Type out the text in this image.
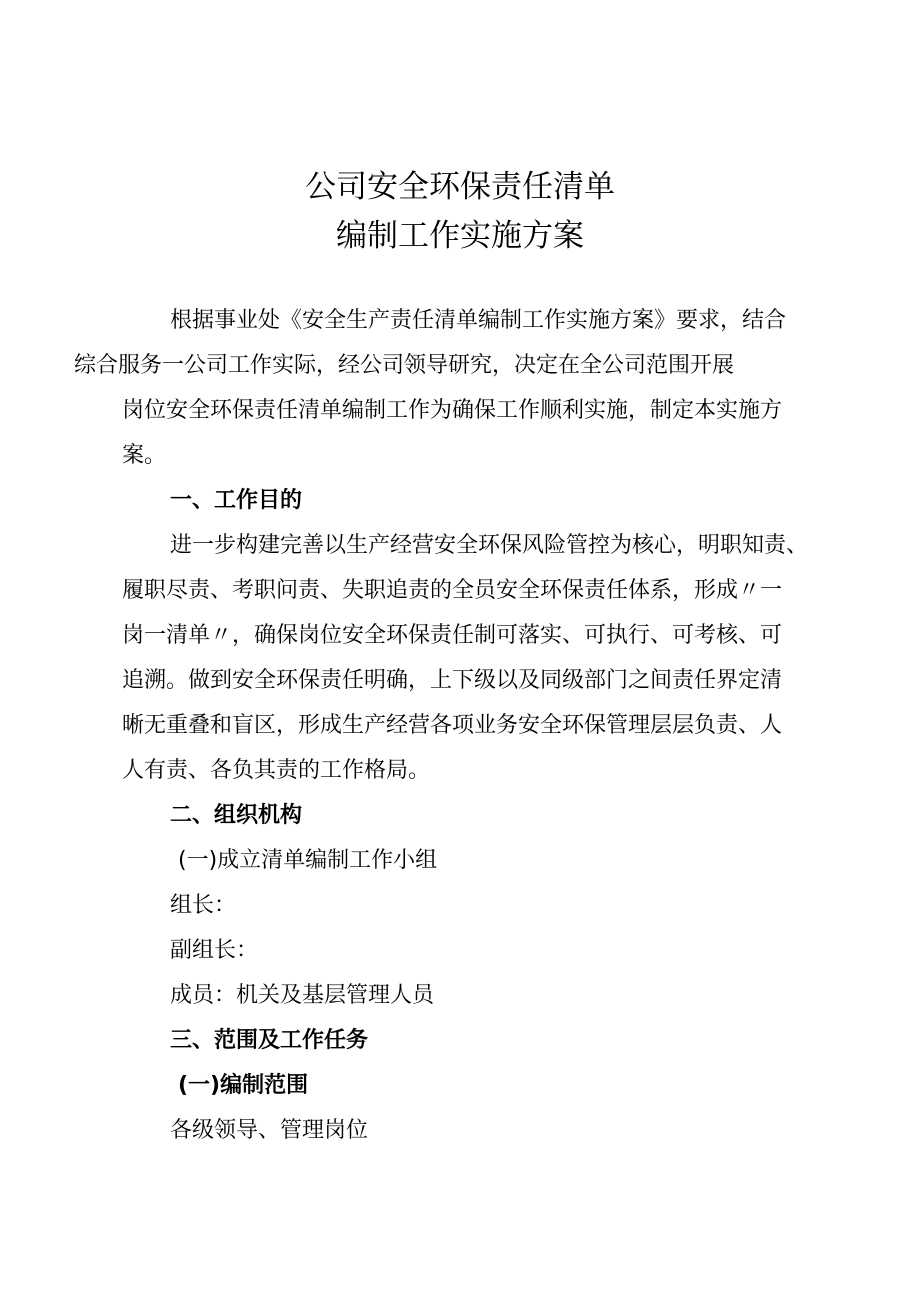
公司安全环保责任清单
编制工作实施方案

根据事业处《安全生产责任清单编制工作实施方案》要求，结合
综合服务一公司工作实际，经公司领导研究，决定在全公司范围开展
岗位安全环保责任清单编制工作为确保工作顺利实施，制定本实施方
案。

一、工作目的

进一步构建完善以生产经营安全环保风险管控为核心，明职知责、
履职尽责、考职问责、失职追责的全员安全环保责任体系，形成〃一
岗一清单〃，确保岗位安全环保责任制可落实、可执行、可考核、可
追溯。做到安全环保责任明确，上下级以及同级部门之间责任界定清
晰无重叠和盲区，形成生产经营各项业务安全环保管理层层负责、人
人有责、各负其责的工作格局。

二、组织机构

(一)成立清单编制工作小组

组长：

副组长：

成员：机关及基层管理人员

三、范围及工作任务

(一)编制范围

各级领导、管理岗位
